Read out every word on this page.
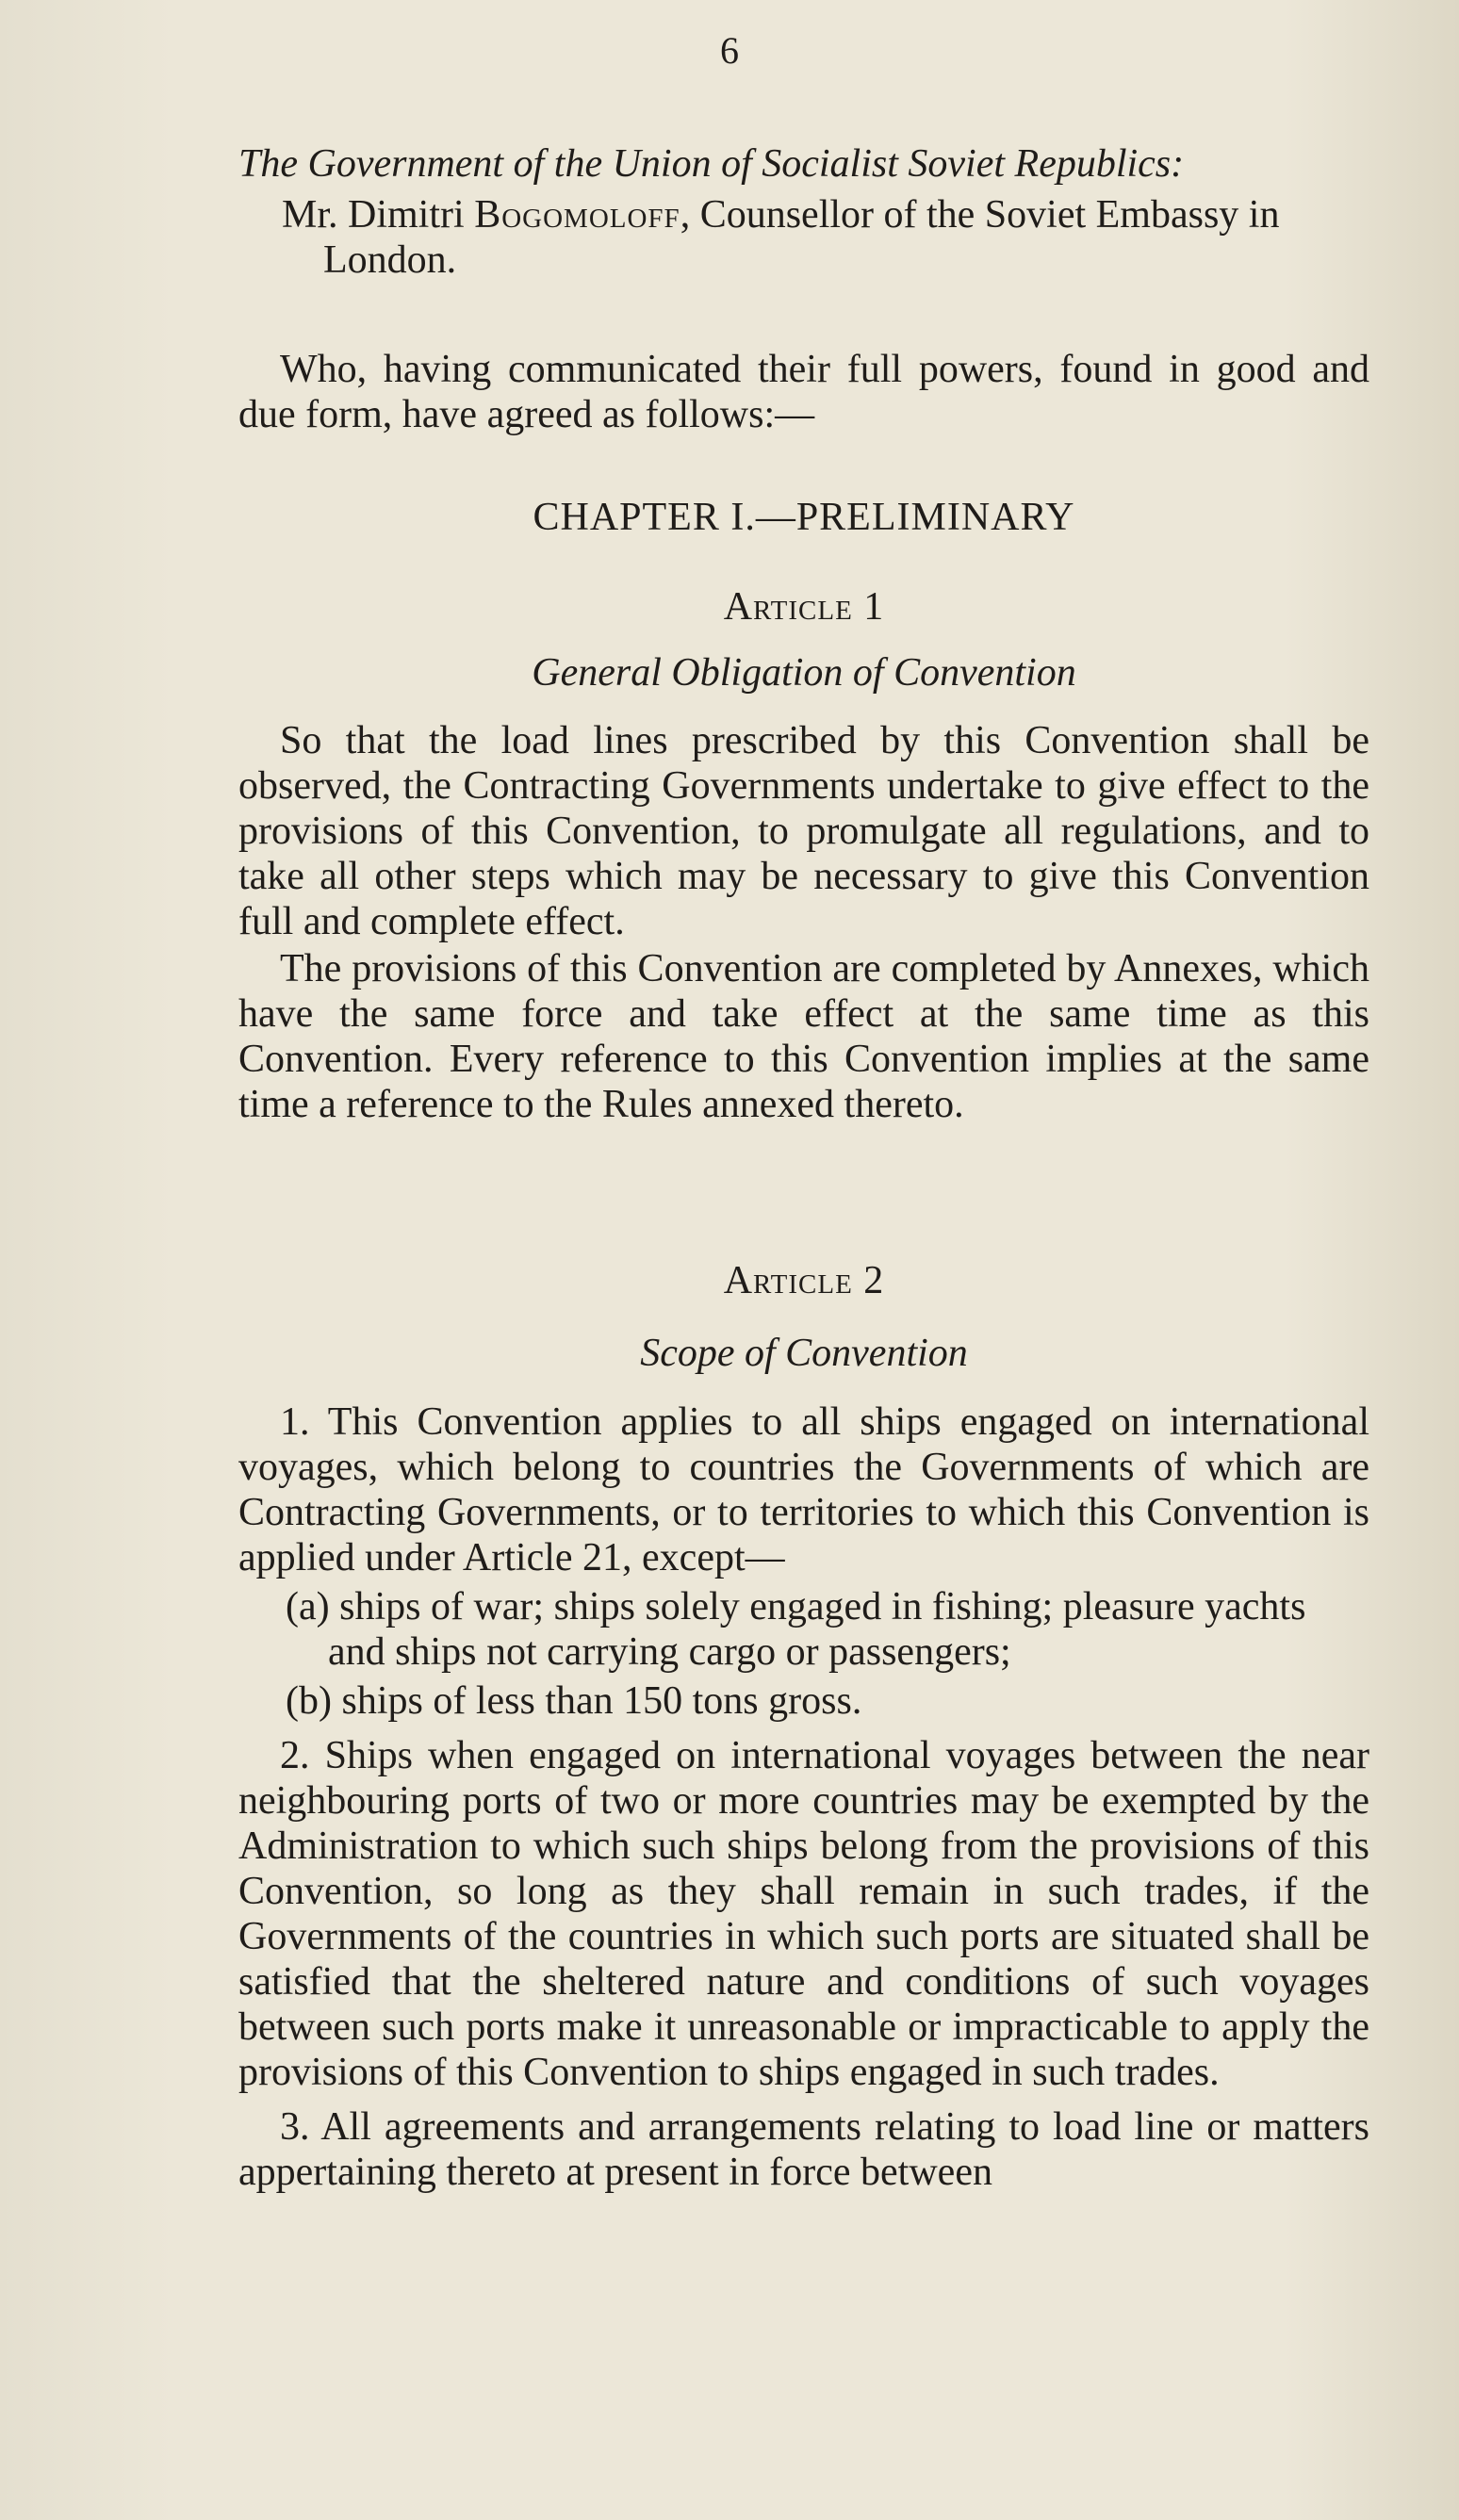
6

The Government of the Union of Socialist Soviet Republics:

Mr. Dimitri Bogomoloff, Counsellor of the Soviet Embassy in London.

Who, having communicated their full powers, found in good and due form, have agreed as follows:—

CHAPTER I.—PRELIMINARY
Article 1
General Obligation of Convention

So that the load lines prescribed by this Convention shall be observed, the Contracting Governments undertake to give effect to the provisions of this Convention, to promulgate all regulations, and to take all other steps which may be necessary to give this Convention full and complete effect.

The provisions of this Convention are completed by Annexes, which have the same force and take effect at the same time as this Convention. Every reference to this Convention implies at the same time a reference to the Rules annexed thereto.

Article 2
Scope of Convention

1. This Convention applies to all ships engaged on international voyages, which belong to countries the Governments of which are Contracting Governments, or to territories to which this Convention is applied under Article 21, except—

(a) ships of war; ships solely engaged in fishing; pleasure yachts and ships not carrying cargo or passengers;

(b) ships of less than 150 tons gross.

2. Ships when engaged on international voyages between the near neighbouring ports of two or more countries may be exempted by the Administration to which such ships belong from the provisions of this Convention, so long as they shall remain in such trades, if the Governments of the countries in which such ports are situated shall be satisfied that the sheltered nature and conditions of such voyages between such ports make it unreasonable or impracticable to apply the provisions of this Convention to ships engaged in such trades.

3. All agreements and arrangements relating to load line or matters appertaining thereto at present in force between
